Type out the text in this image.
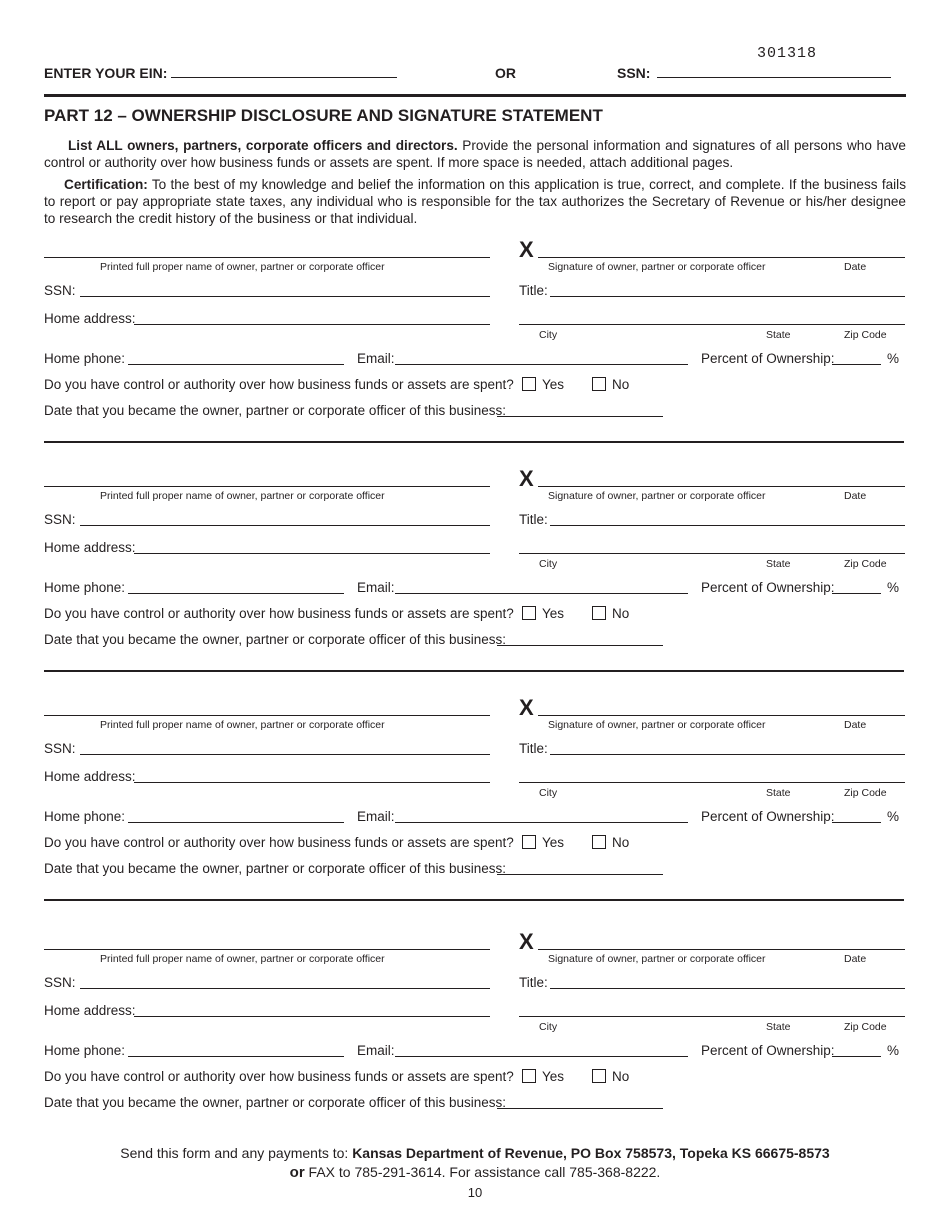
301318
ENTER YOUR EIN:	OR	SSN:
PART 12 – OWNERSHIP DISCLOSURE AND SIGNATURE STATEMENT
List ALL owners, partners, corporate officers and directors. Provide the personal information and signatures of all persons who have control or authority over how business funds or assets are spent. If more space is needed, attach additional pages.
Certification: To the best of my knowledge and belief the information on this application is true, correct, and complete. If the business fails to report or pay appropriate state taxes, any individual who is responsible for the tax authorizes the Secretary of Revenue or his/her designee to research the credit history of the business or that individual.
Printed full proper name of owner, partner or corporate officer
X
Signature of owner, partner or corporate officer	Date
SSN:	Title:
Home address:
City	State	Zip Code
Home phone:	Email:	Percent of Ownership:	%
Do you have control or authority over how business funds or assets are spent?	Yes	No
Date that you became the owner, partner or corporate officer of this business:
Printed full proper name of owner, partner or corporate officer
X
Signature of owner, partner or corporate officer	Date
SSN:	Title:
Home address:
City	State	Zip Code
Home phone:	Email:	Percent of Ownership:	%
Do you have control or authority over how business funds or assets are spent?	Yes	No
Date that you became the owner, partner or corporate officer of this business:
Printed full proper name of owner, partner or corporate officer
X
Signature of owner, partner or corporate officer	Date
SSN:	Title:
Home address:
City	State	Zip Code
Home phone:	Email:	Percent of Ownership:	%
Do you have control or authority over how business funds or assets are spent?	Yes	No
Date that you became the owner, partner or corporate officer of this business:
Printed full proper name of owner, partner or corporate officer
X
Signature of owner, partner or corporate officer	Date
SSN:	Title:
Home address:
City	State	Zip Code
Home phone:	Email:	Percent of Ownership:	%
Do you have control or authority over how business funds or assets are spent?	Yes	No
Date that you became the owner, partner or corporate officer of this business:
Send this form and any payments to: Kansas Department of Revenue, PO Box 758573, Topeka KS 66675-8573
or FAX to 785-291-3614. For assistance call 785-368-8222.
10
